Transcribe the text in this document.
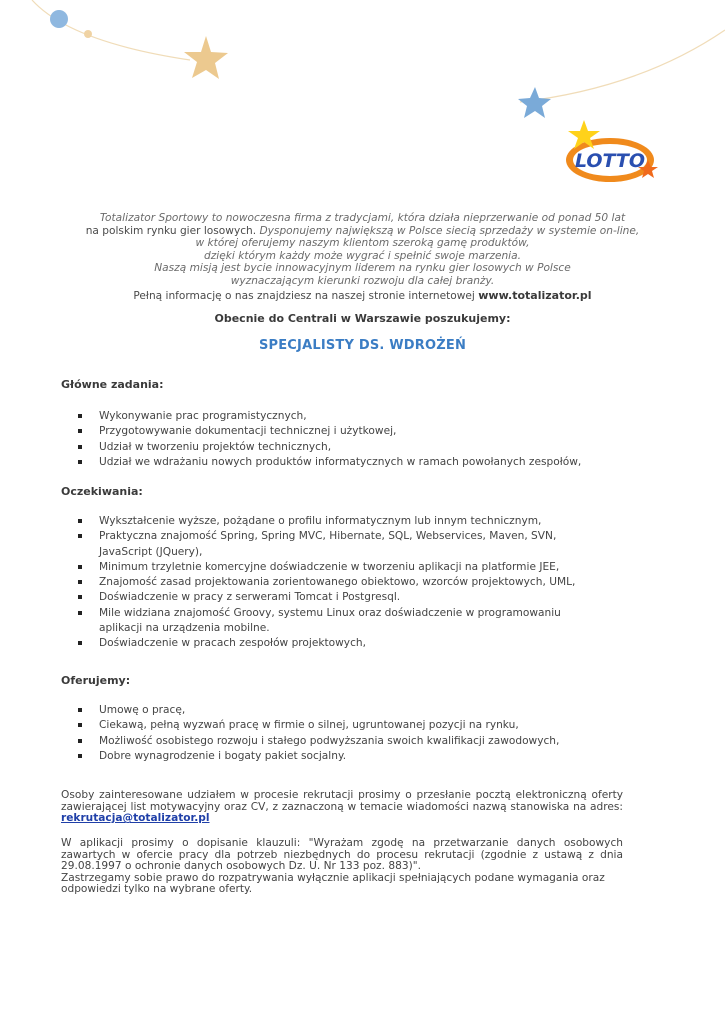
LOTTO
Totalizator Sportowy to nowoczesna firma z tradycjami, która działa nieprzerwanie od ponad 50 lat
na polskim rynku gier losowych. Dysponujemy największą w Polsce siecią sprzedaży w systemie on-line,
w której oferujemy naszym klientom szeroką gamę produktów,
dzięki którym każdy może wygrać i spełnić swoje marzenia.
Naszą misją jest bycie innowacyjnym liderem na rynku gier losowych w Polsce
wyznaczającym kierunki rozwoju dla całej branży.
Pełną informację o nas znajdziesz na naszej stronie internetowej www.totalizator.pl
Obecnie do Centrali w Warszawie poszukujemy:
SPECJALISTY DS. WDROŻEŃ
Główne zadania:
Wykonywanie prac programistycznych,
Przygotowywanie dokumentacji technicznej i użytkowej,
Udział w tworzeniu projektów technicznych,
Udział we wdrażaniu nowych produktów informatycznych w ramach powołanych zespołów,
Oczekiwania:
Wykształcenie wyższe, pożądane o profilu informatycznym lub innym technicznym,
Praktyczna znajomość Spring, Spring MVC, Hibernate, SQL, Webservices, Maven, SVN, JavaScript (JQuery),
Minimum trzyletnie komercyjne doświadczenie w tworzeniu aplikacji na platformie JEE,
Znajomość zasad projektowania zorientowanego obiektowo, wzorców projektowych, UML,
Doświadczenie w pracy z serwerami Tomcat i Postgresql.
Mile widziana znajomość Groovy, systemu Linux oraz doświadczenie w programowaniu aplikacji na urządzenia mobilne.
Doświadczenie w pracach zespołów projektowych,
Oferujemy:
Umowę o pracę,
Ciekawą, pełną wyzwań pracę w firmie o silnej, ugruntowanej pozycji na rynku,
Możliwość osobistego rozwoju i stałego podwyższania swoich kwalifikacji zawodowych,
Dobre wynagrodzenie i bogaty pakiet socjalny.
Osoby zainteresowane udziałem w procesie rekrutacji prosimy o przesłanie pocztą elektroniczną oferty zawierającej list motywacyjny oraz CV, z zaznaczoną w temacie wiadomości nazwą stanowiska na adres: rekrutacja@totalizator.pl
W aplikacji prosimy o dopisanie klauzuli: "Wyrażam zgodę na przetwarzanie danych osobowych zawartych w ofercie pracy dla potrzeb niezbędnych do procesu rekrutacji (zgodnie z ustawą z dnia 29.08.1997 o ochronie danych osobowych Dz. U. Nr 133 poz. 883)".
Zastrzegamy sobie prawo do rozpatrywania wyłącznie aplikacji spełniających podane wymagania oraz odpowiedzi tylko na wybrane oferty.
